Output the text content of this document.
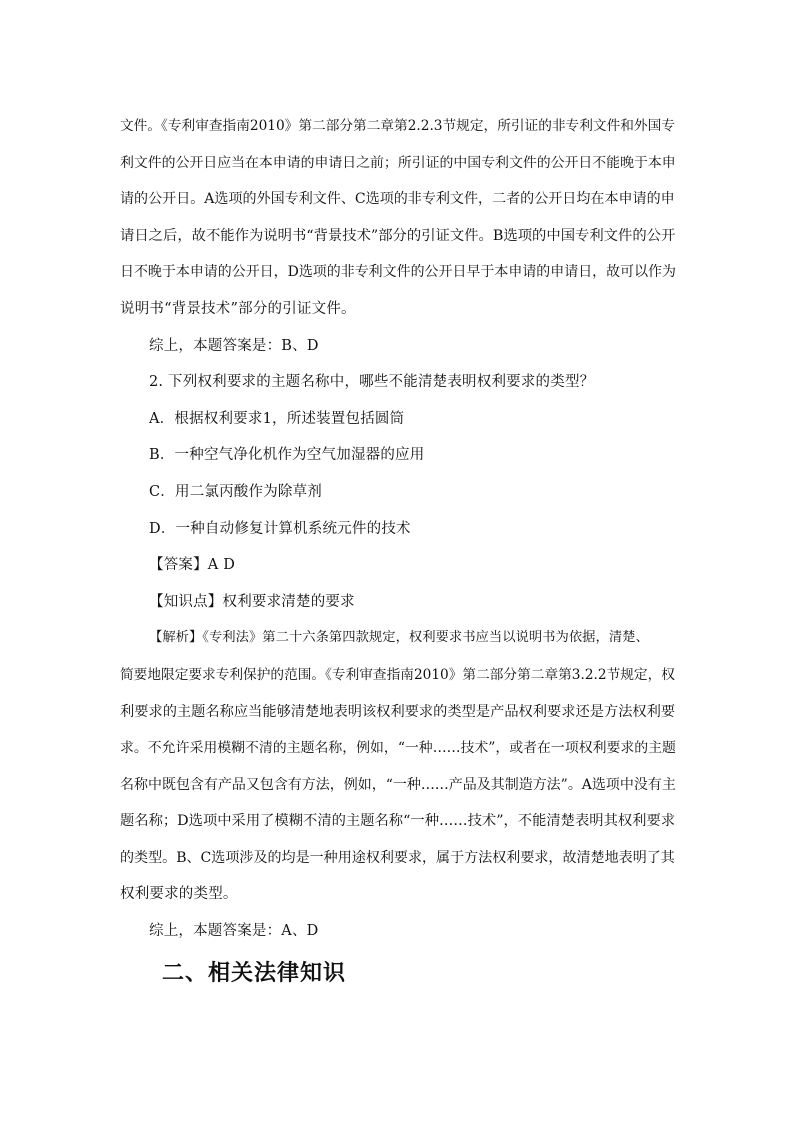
文件。《专利审查指南2010》第二部分第二章第2.2.3节规定，所引证的非专利文件和外国专
利文件的公开日应当在本申请的申请日之前；所引证的中国专利文件的公开日不能晚于本申
请的公开日。A选项的外国专利文件、C选项的非专利文件，二者的公开日均在本申请的申
请日之后，故不能作为说明书“背景技术”部分的引证文件。B选项的中国专利文件的公开
日不晚于本申请的公开日，D选项的非专利文件的公开日早于本申请的申请日，故可以作为
说明书“背景技术”部分的引证文件。

综上，本题答案是：B、D

2. 下列权利要求的主题名称中，哪些不能清楚表明权利要求的类型？

A．根据权利要求1，所述装置包括圆筒

B．一种空气净化机作为空气加湿器的应用

C．用二氯丙酸作为除草剂

D．一种自动修复计算机系统元件的技术

【答案】A D

【知识点】权利要求清楚的要求

【解析】《专利法》第二十六条第四款规定，权利要求书应当以说明书为依据，清楚、
简要地限定要求专利保护的范围。《专利审查指南2010》第二部分第二章第3.2.2节规定，权
利要求的主题名称应当能够清楚地表明该权利要求的类型是产品权利要求还是方法权利要
求。不允许采用模糊不清的主题名称，例如，“一种……技术”，或者在一项权利要求的主题
名称中既包含有产品又包含有方法，例如，“一种……产品及其制造方法”。A选项中没有主
题名称；D选项中采用了模糊不清的主题名称“一种……技术”，不能清楚表明其权利要求
的类型。B、C选项涉及的均是一种用途权利要求，属于方法权利要求，故清楚地表明了其
权利要求的类型。

综上，本题答案是：A、D

二、相关法律知识
